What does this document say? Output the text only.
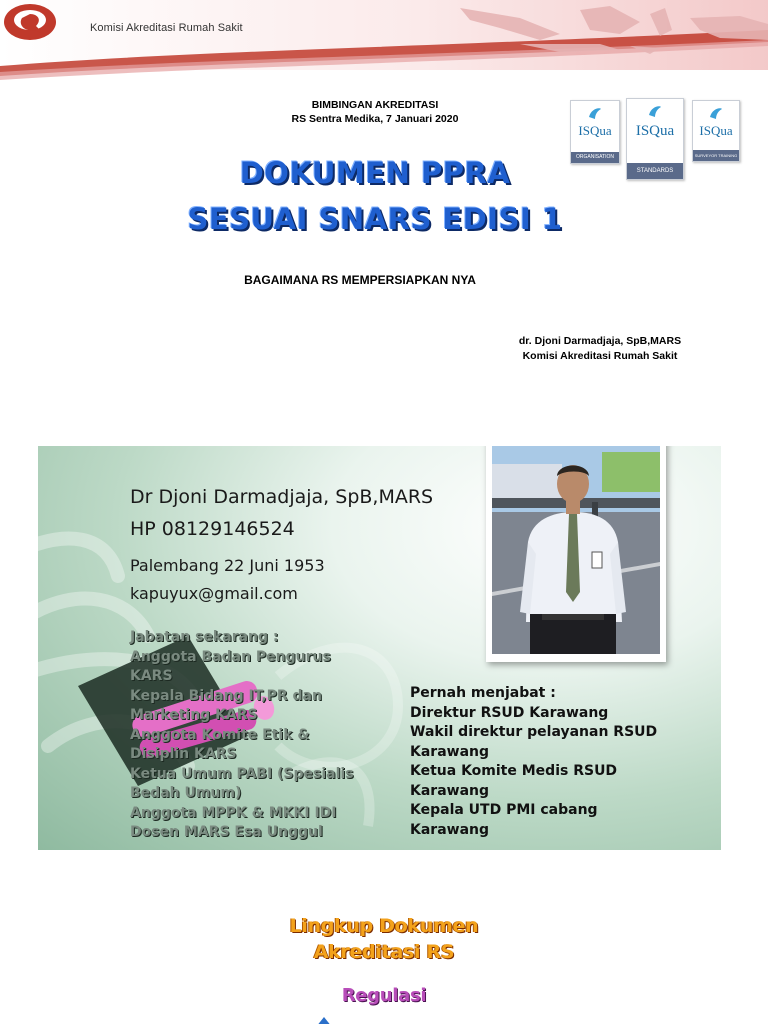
Komisi Akreditasi Rumah Sakit
BIMBINGAN AKREDITASI
RS Sentra Medika, 7 Januari 2020
ISQua
ORGANISATION
ISQua
STANDARDS
ISQua
SURVEYOR TRAINING PROGRAMME
DOKUMEN PPRA
SESUAI SNARS EDISI 1
BAGAIMANA RS MEMPERSIAPKAN NYA
dr. Djoni Darmadjaja, SpB,MARS
Komisi Akreditasi Rumah Sakit
Dr Djoni Darmadjaja, SpB,MARS
HP 08129146524
Palembang 22 Juni 1953
kapuyux@gmail.com
Jabatan sekarang :
Anggota Badan Pengurus KARS
Kepala Bidang IT,PR dan Marketing KARS
Anggota Komite Etik & Disiplin KARS
Ketua Umum PABI (Spesialis Bedah Umum)
Anggota MPPK & MKKI IDI
Dosen MARS Esa Unggul
Pernah menjabat :
Direktur RSUD Karawang
Wakil direktur pelayanan RSUD Karawang
Ketua Komite Medis RSUD Karawang
Kepala UTD PMI cabang Karawang
Lingkup Dokumen
Akreditasi RS
Regulasi
